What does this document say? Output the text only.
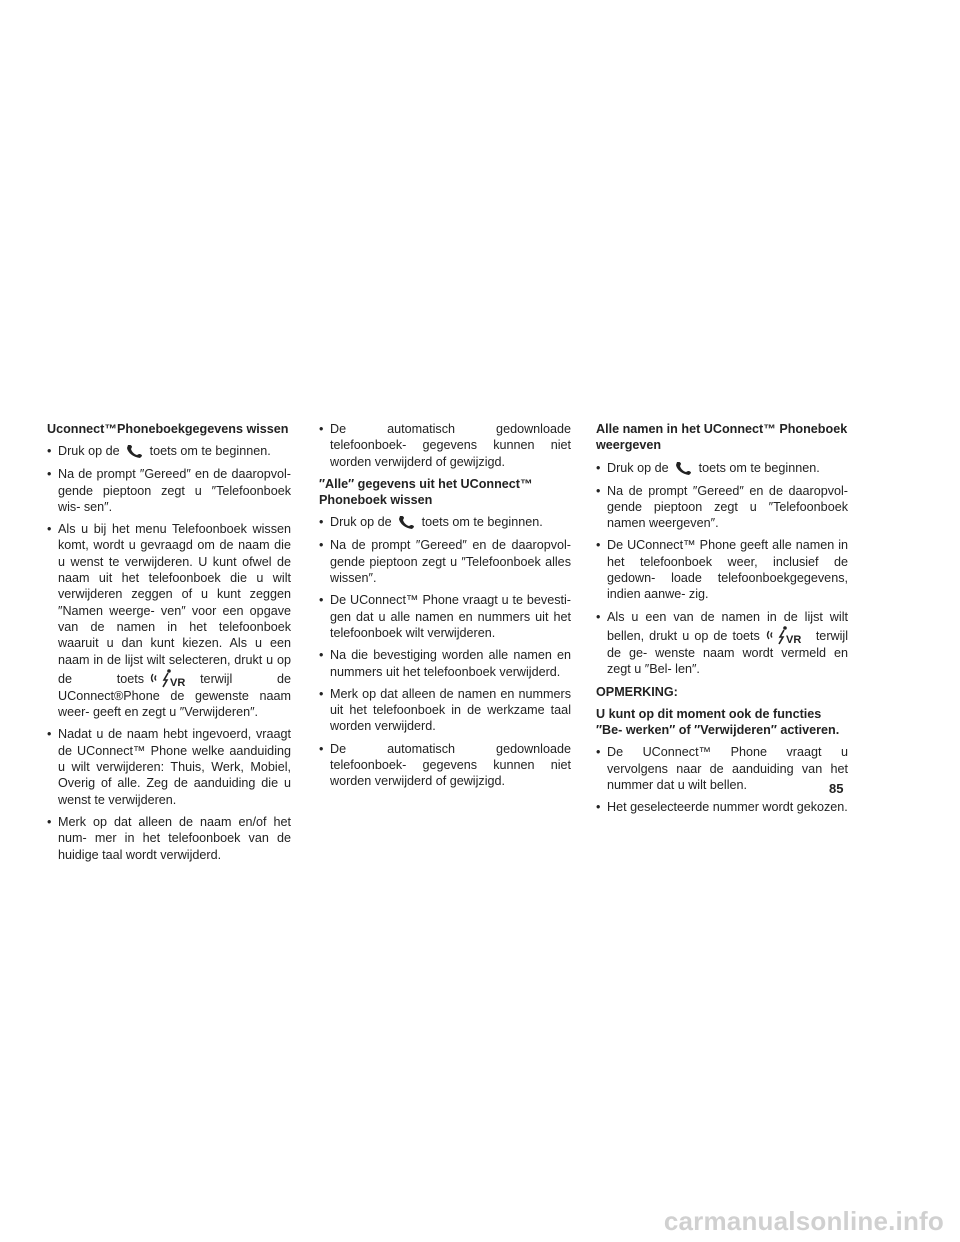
Uconnect™Phoneboekgegevens wissen
• Druk op de toets om te beginnen.
• Na de prompt ″Gereed″ en de daaropvol- gende pieptoon zegt u ″Telefoonboek wis- sen″.
• Als u bij het menu Telefoonboek wissen komt, wordt u gevraagd om de naam die u wenst te verwijderen. U kunt ofwel de naam uit het telefoonboek die u wilt verwijderen zeggen of u kunt zeggen ″Namen weerge- ven″ voor een opgave van de namen in het telefoonboek waaruit u dan kunt kiezen. Als u een naam in de lijst wilt selecteren, drukt u op de toets VR terwijl de UConnect®Phone de gewenste naam weer- geeft en zegt u ″Verwijderen″.
• Nadat u de naam hebt ingevoerd, vraagt de UConnect™ Phone welke aanduiding u wilt verwijderen: Thuis, Werk, Mobiel, Overig of alle. Zeg de aanduiding die u wenst te verwijderen.
• Merk op dat alleen de naam en/of het num- mer in het telefoonboek van de huidige taal wordt verwijderd.
• De automatisch gedownloade telefoonboek- gegevens kunnen niet worden verwijderd of gewijzigd.
″Alle″ gegevens uit het UConnect™ Phoneboek wissen
• Druk op de toets om te beginnen.
• Na de prompt ″Gereed″ en de daaropvol- gende pieptoon zegt u ″Telefoonboek alles wissen″.
• De UConnect™ Phone vraagt u te bevesti- gen dat u alle namen en nummers uit het telefoonboek wilt verwijderen.
• Na die bevestiging worden alle namen en nummers uit het telefoonboek verwijderd.
• Merk op dat alleen de namen en nummers uit het telefoonboek in de werkzame taal worden verwijderd.
• De automatisch gedownloade telefoonboek- gegevens kunnen niet worden verwijderd of gewijzigd.
Alle namen in het UConnect™ Phoneboek weergeven
• Druk op de toets om te beginnen.
• Na de prompt ″Gereed″ en de daaropvol- gende pieptoon zegt u ″Telefoonboek namen weergeven″.
• De UConnect™ Phone geeft alle namen in het telefoonboek weer, inclusief de gedown- loade telefoonboekgegevens, indien aanwe- zig.
• Als u een van de namen in de lijst wilt bellen, drukt u op de toets VR terwijl de ge- wenste naam wordt vermeld en zegt u ″Bel- len″.
OPMERKING:
U kunt op dit moment ook de functies ″Be- werken″ of ″Verwijderen″ activeren.
• De UConnect™ Phone vraagt u vervolgens naar de aanduiding van het nummer dat u wilt bellen.
• Het geselecteerde nummer wordt gekozen.
85
carmanualsonline.info
